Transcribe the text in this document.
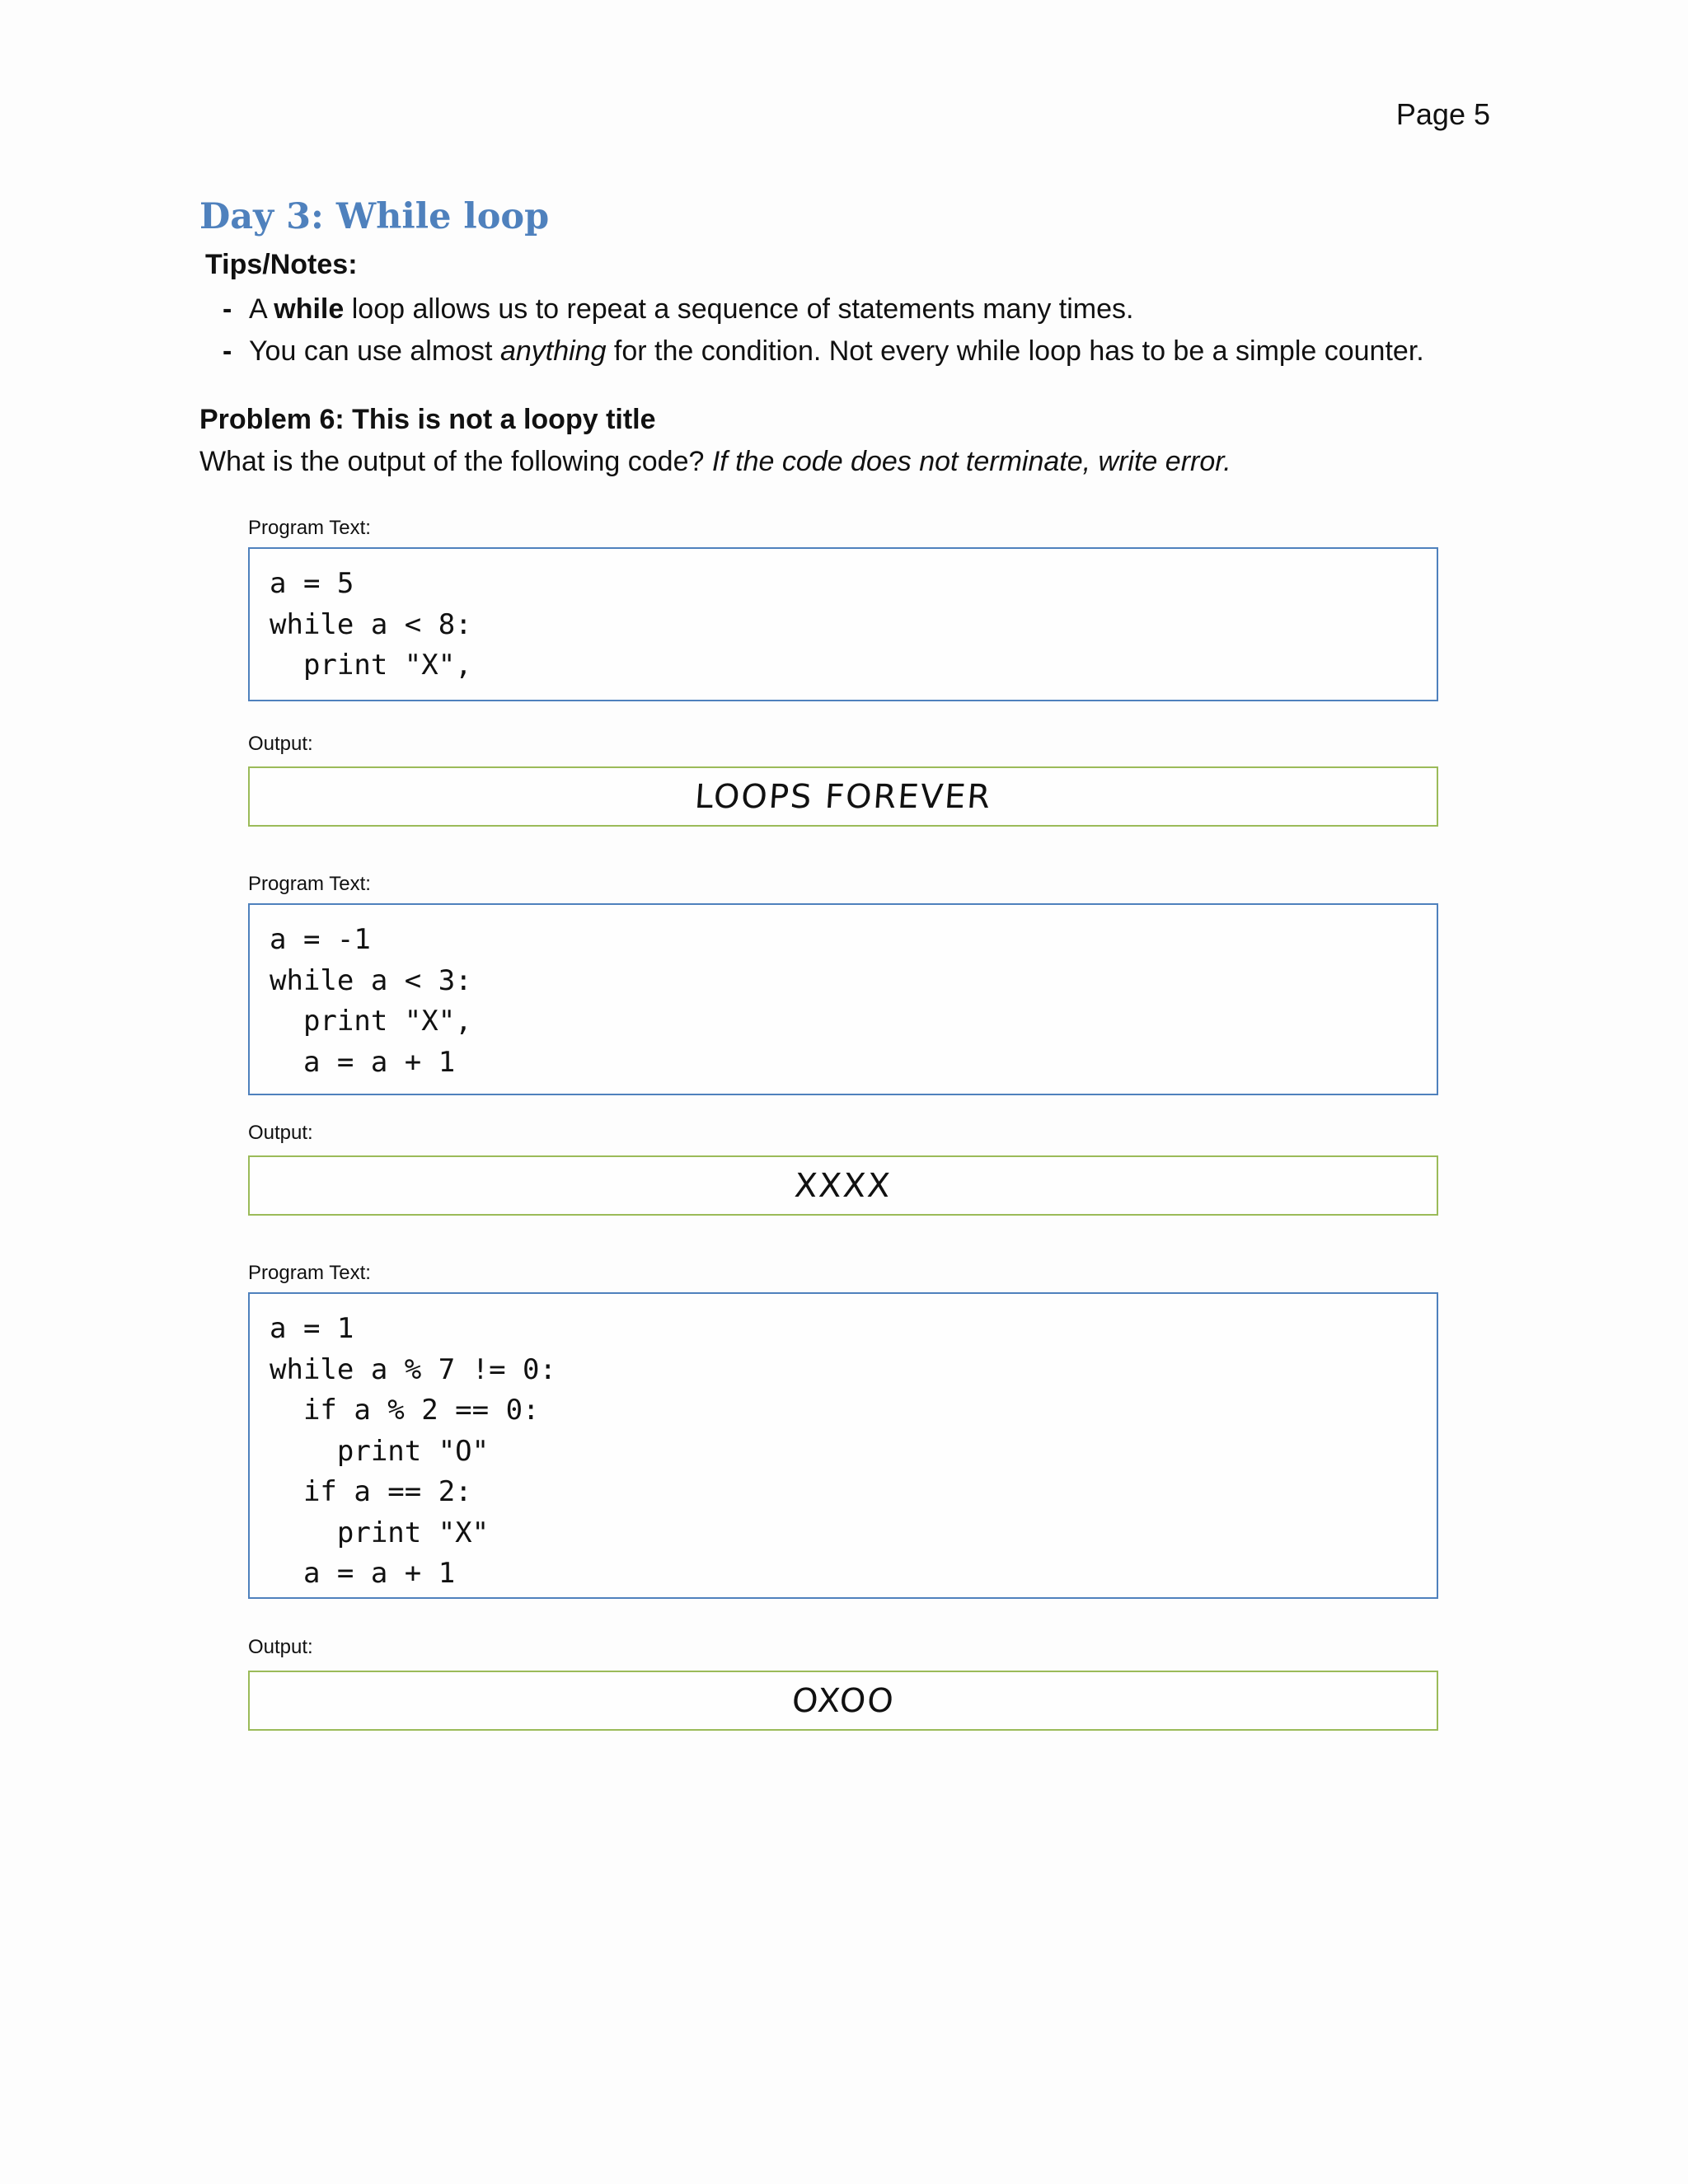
Page 5
Day 3: While loop
Tips/Notes:
- A while loop allows us to repeat a sequence of statements many times.
- You can use almost anything for the condition. Not every while loop has to be a simple counter.
Problem 6: This is not a loopy title
What is the output of the following code? If the code does not terminate, write error.
Program Text:
a = 5
while a < 8:
print "X",
Output:
LOOPS FOREVER
Program Text:
a = -1
while a < 3:
print "X",
a = a + 1
Output:
XXXX
Program Text:
a = 1
while a % 7 != 0:
if a % 2 == 0:
print "O"
if a == 2:
print "X"
a = a + 1
Output:
OXOO
